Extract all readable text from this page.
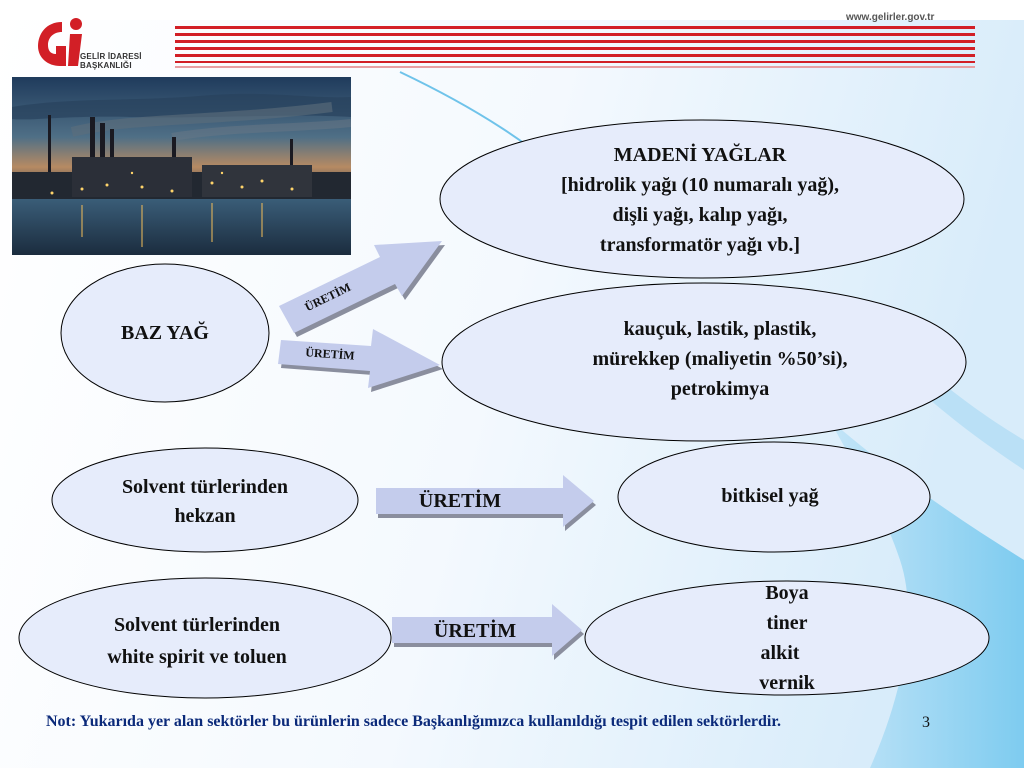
GELİR İDARESİ
BAŞKANLIĞI
www.gelirler.gov.tr
BAZ YAĞ
MADENİ YAĞLAR
[hidrolik yağı (10 numaralı yağ),
dişli yağı, kalıp yağı,
transformatör yağı vb.]
kauçuk, lastik, plastik,
mürekkep (maliyetin %50’si),
petrokimya
Solvent türlerinden
hekzan
bitkisel yağ
Solvent türlerinden
white spirit ve toluen
Boya
tiner
alkit
vernik
ÜRETİM
ÜRETİM
ÜRETİM
ÜRETİM
Not: Yukarıda yer alan sektörler bu ürünlerin sadece Başkanlığımızca kullanıldığı tespit edilen sektörlerdir.	3
